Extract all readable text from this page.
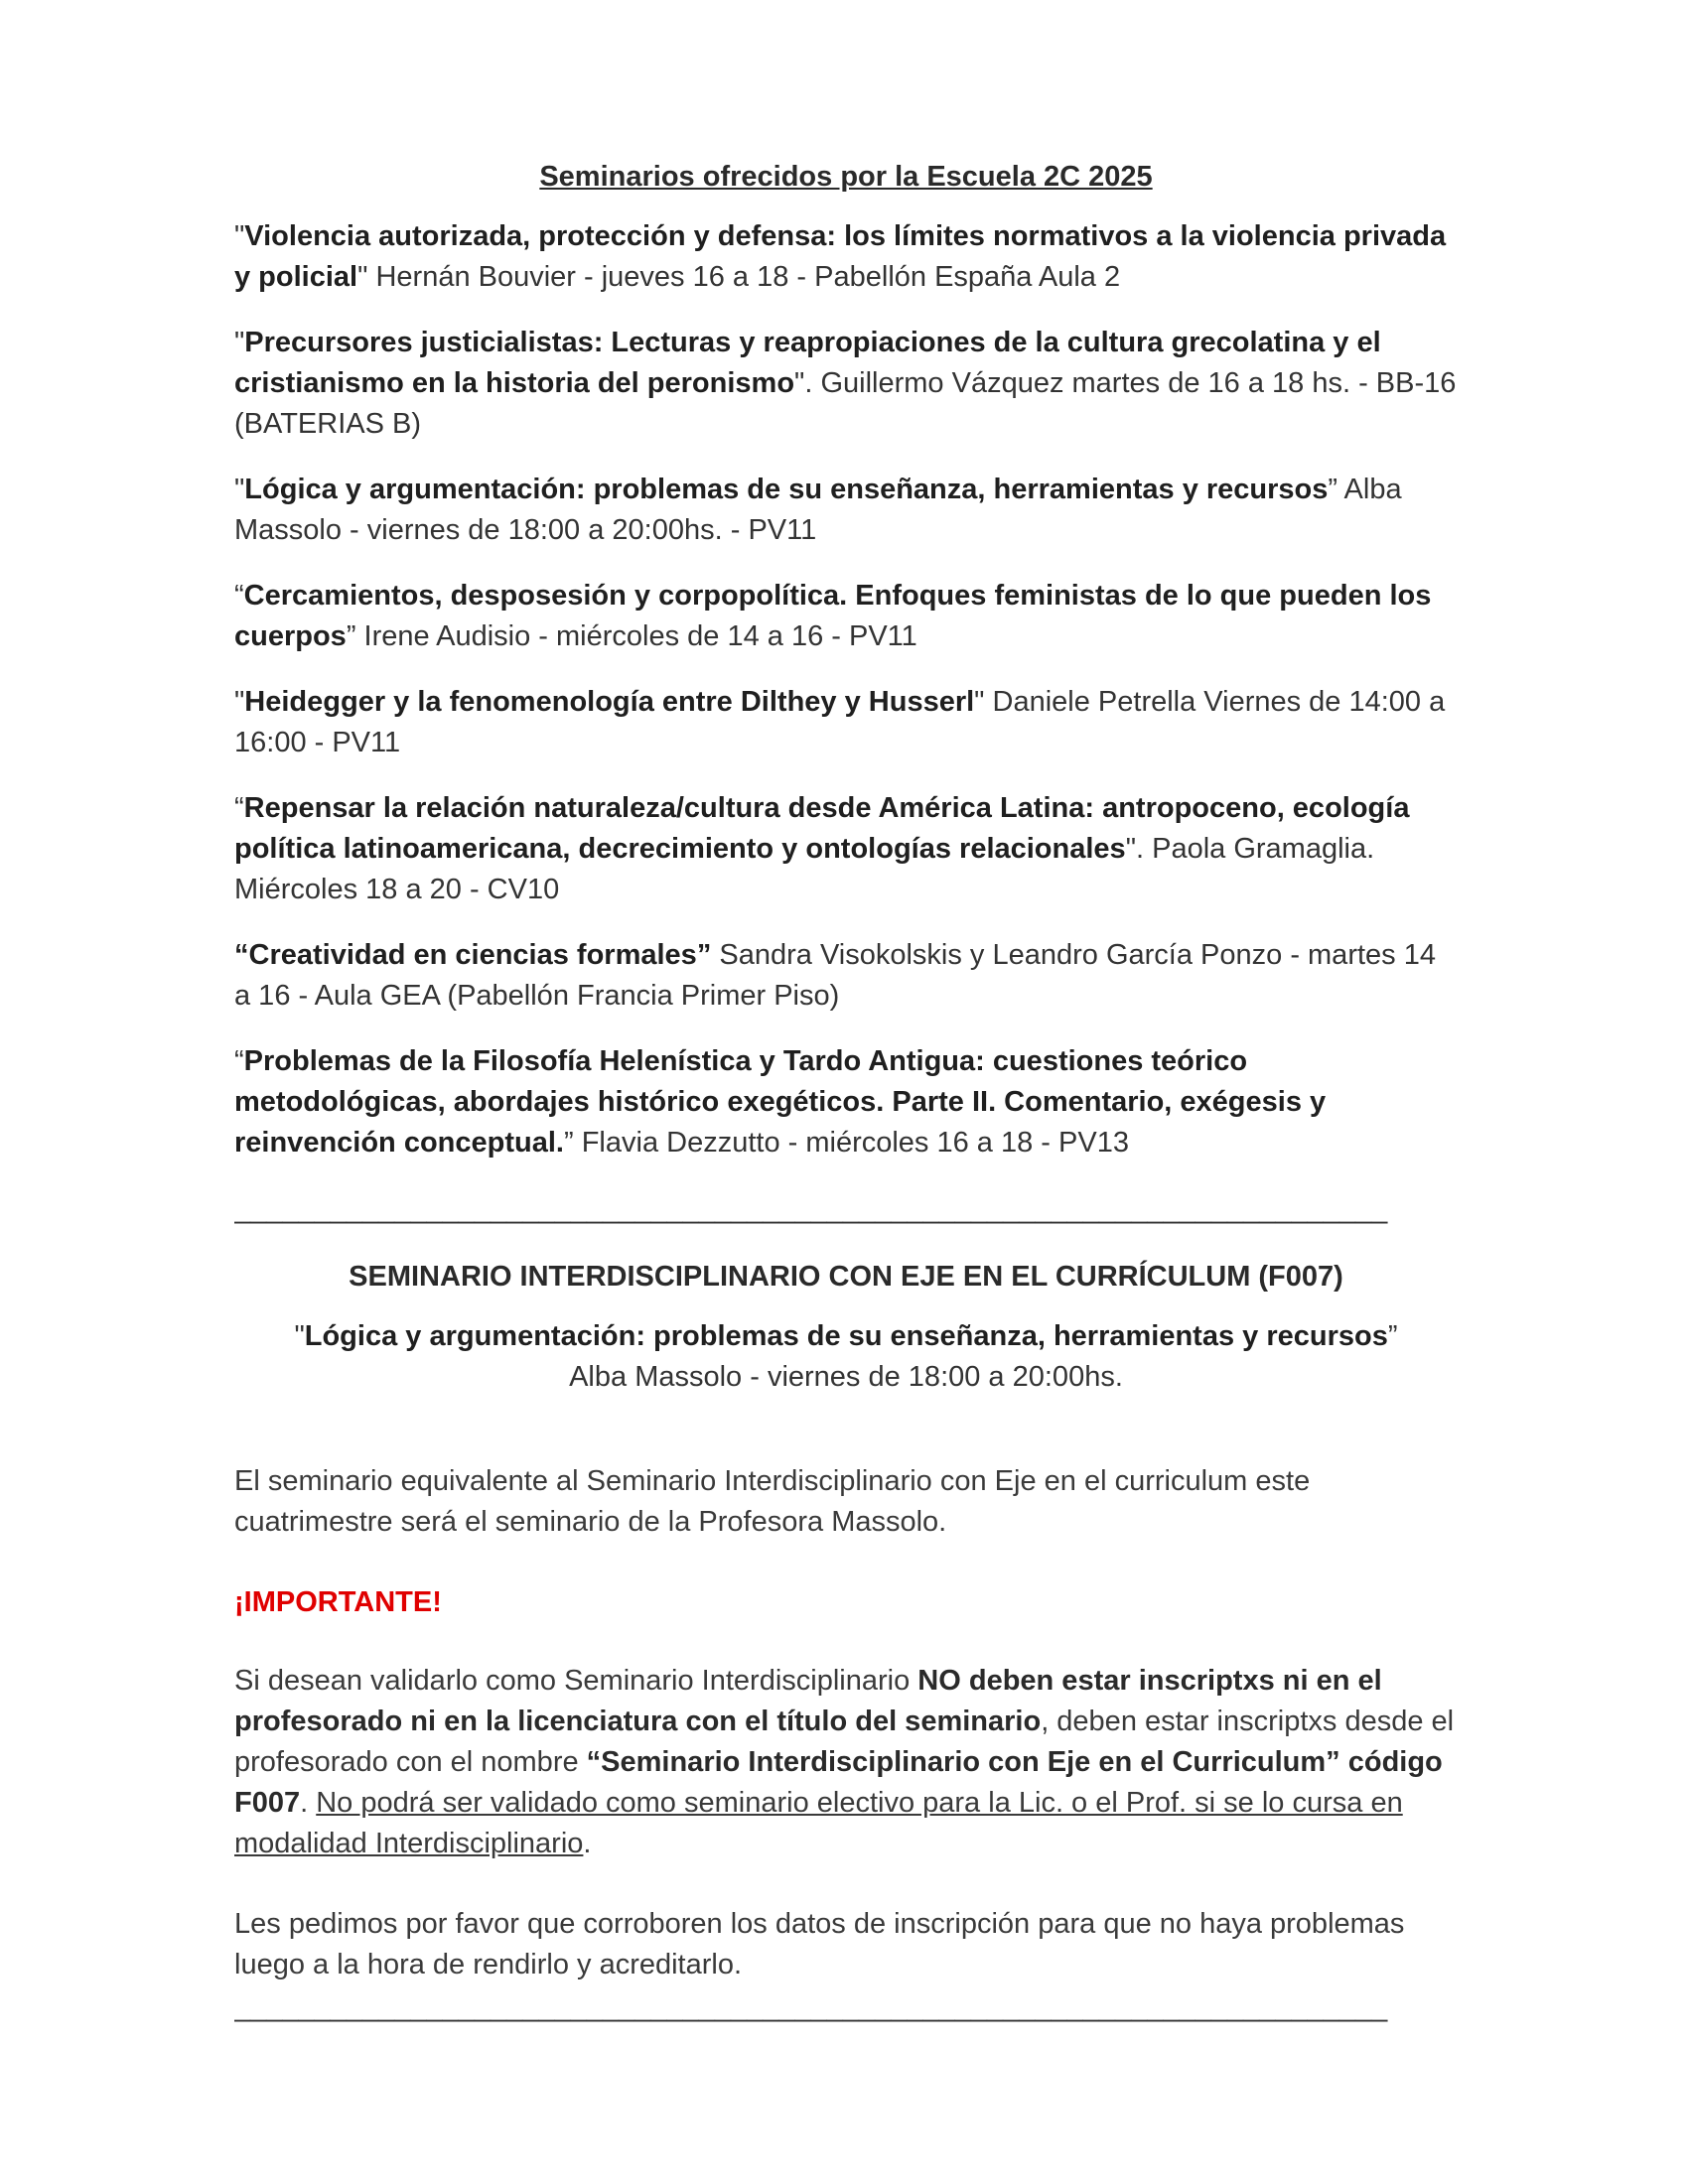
Seminarios ofrecidos por la Escuela 2C 2025
"Violencia autorizada, protección y defensa: los límites normativos a la violencia privada y policial" Hernán Bouvier - jueves 16 a 18 - Pabellón España Aula 2
"Precursores justicialistas: Lecturas y reapropiaciones de la cultura grecolatina y el cristianismo en la historia del peronismo". Guillermo Vázquez martes de 16 a 18 hs. - BB-16 (BATERIAS B)
"Lógica y argumentación: problemas de su enseñanza, herramientas y recursos” Alba Massolo - viernes de 18:00 a 20:00hs. - PV11
“Cercamientos, desposesión y corpopolítica. Enfoques feministas de lo que pueden los cuerpos” Irene Audisio - miércoles de 14 a 16 - PV11
"Heidegger y la fenomenología entre Dilthey y Husserl" Daniele Petrella Viernes de 14:00 a 16:00 - PV11
“Repensar la relación naturaleza/cultura desde América Latina: antropoceno, ecología política latinoamericana, decrecimiento y ontologías relacionales". Paola Gramaglia. Miércoles 18 a 20 - CV10
“Creatividad en ciencias formales” Sandra Visokolskis y Leandro García Ponzo - martes 14 a 16 - Aula GEA (Pabellón Francia Primer Piso)
“Problemas de la Filosofía Helenística y Tardo Antigua: cuestiones teórico metodológicas, abordajes histórico exegéticos. Parte II. Comentario, exégesis y reinvención conceptual.” Flavia Dezzutto - miércoles 16 a 18 - PV13
________________________________________________________________________
SEMINARIO INTERDISCIPLINARIO CON EJE EN EL CURRÍCULUM (F007)
"Lógica y argumentación: problemas de su enseñanza, herramientas y recursos”
Alba Massolo - viernes de 18:00 a 20:00hs.
El seminario equivalente al Seminario Interdisciplinario con Eje en el curriculum este cuatrimestre será el seminario de la Profesora Massolo.
¡IMPORTANTE!
Si desean validarlo como Seminario Interdisciplinario NO deben estar inscriptxs ni en el profesorado ni en la licenciatura con el título del seminario, deben estar inscriptxs desde el profesorado con el nombre “Seminario Interdisciplinario con Eje en el Curriculum” código F007. No podrá ser validado como seminario electivo para la Lic. o el Prof. si se lo cursa en modalidad Interdisciplinario.
Les pedimos por favor que corroboren los datos de inscripción para que no haya problemas luego a la hora de rendirlo y acreditarlo.
________________________________________________________________________
